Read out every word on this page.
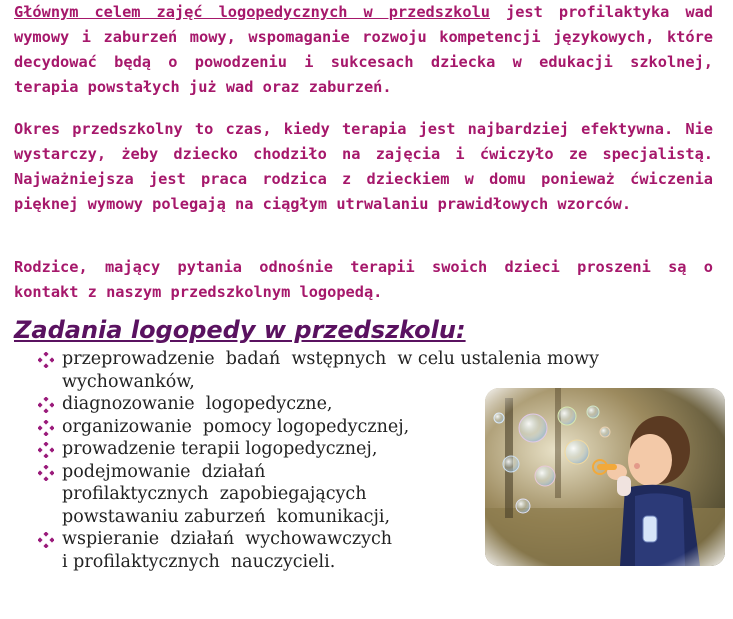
Głównym celem zajęć logopedycznych w przedszkolu jest profilaktyka wad wymowy i zaburzeń mowy, wspomaganie rozwoju kompetencji językowych, które decydować będą o powodzeniu i sukcesach dziecka w edukacji szkolnej, terapia powstałych już wad oraz zaburzeń.

Okres przedszkolny to czas, kiedy terapia jest najbardziej efektywna. Nie wystarczy, żeby dziecko chodziło na zajęcia i ćwiczyło ze specjalistą. Najważniejsza jest praca rodzica z dzieckiem w domu ponieważ ćwiczenia pięknej wymowy polegają na ciągłym utrwalaniu prawidłowych wzorców.

Rodzice, mający pytania odnośnie terapii swoich dzieci proszeni są o kontakt z naszym przedszkolnym logopedą.

Zadania logopedy w przedszkolu:
przeprowadzenie  badań  wstępnych  w celu ustalenia mowy
wychowanków,
diagnozowanie  logopedyczne,
organizowanie  pomocy logopedycznej,
prowadzenie terapii logopedycznej,
podejmowanie  działań
profilaktycznych  zapobiegających
powstawaniu zaburzeń  komunikacji,
wspieranie  działań  wychowawczych
i profilaktycznych  nauczycieli.
